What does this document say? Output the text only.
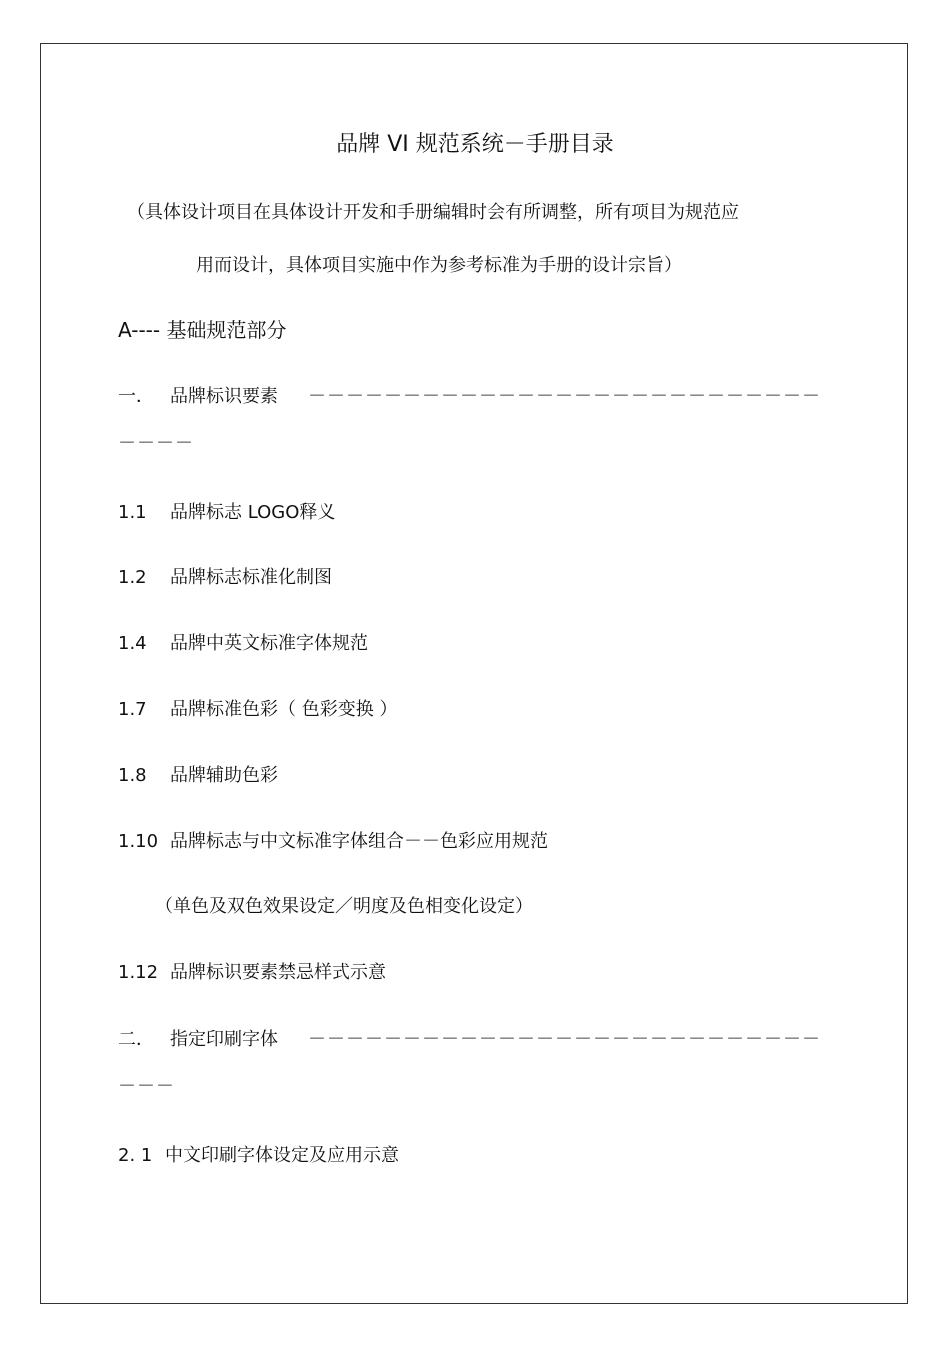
品牌 VI 规范系统－手册目录
（具体设计项目在具体设计开发和手册编辑时会有所调整，所有项目为规范应
用而设计，具体项目实施中作为参考标准为手册的设计宗旨）
A---- 基础规范部分
一． 品牌标识要素 －－－－－－－－－－－－－－－－－－－－－－－－－－－
－－－－
1.1 品牌标志 LOGO释义
1.2 品牌标志标准化制图
1.4 品牌中英文标准字体规范
1.7 品牌标准色彩（ 色彩变换 ）
1.8 品牌辅助色彩
1.10 品牌标志与中文标准字体组合－－色彩应用规范
（单色及双色效果设定／明度及色相变化设定）
1.12 品牌标识要素禁忌样式示意
二． 指定印刷字体 －－－－－－－－－－－－－－－－－－－－－－－－－－－
－－－
2. 1 中文印刷字体设定及应用示意
